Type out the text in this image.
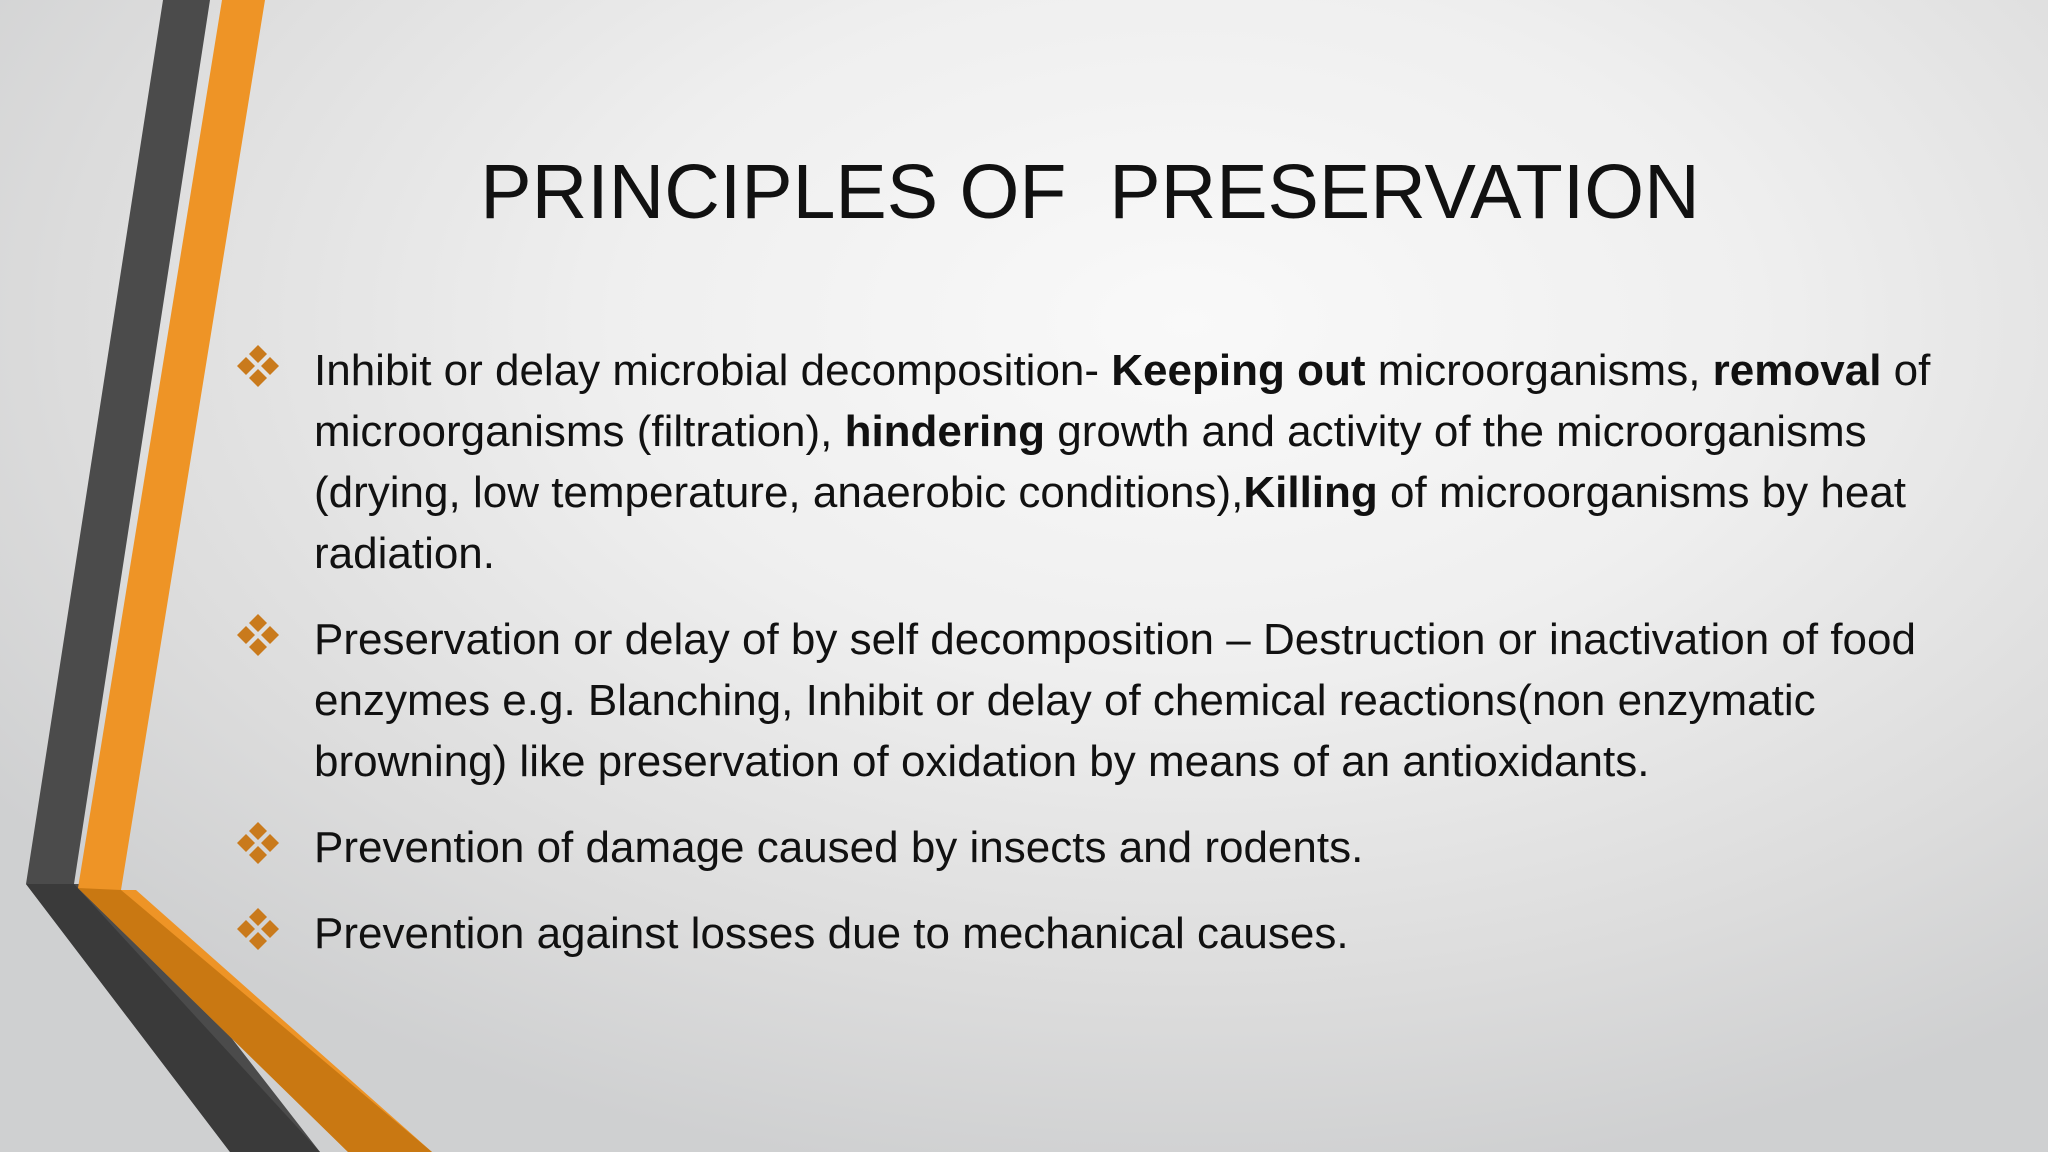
PRINCIPLES OF  PRESERVATION

Inhibit or delay microbial decomposition- Keeping out microorganisms, removal of microorganisms (filtration), hindering growth and activity of the microorganisms (drying, low temperature, anaerobic conditions),Killing of microorganisms by heat radiation.

Preservation or delay of by self decomposition – Destruction or inactivation of food enzymes e.g. Blanching, Inhibit or delay of chemical reactions(non enzymatic browning) like preservation of oxidation by means of an antioxidants.

Prevention of damage caused by insects and rodents.

Prevention against losses due to mechanical causes.
